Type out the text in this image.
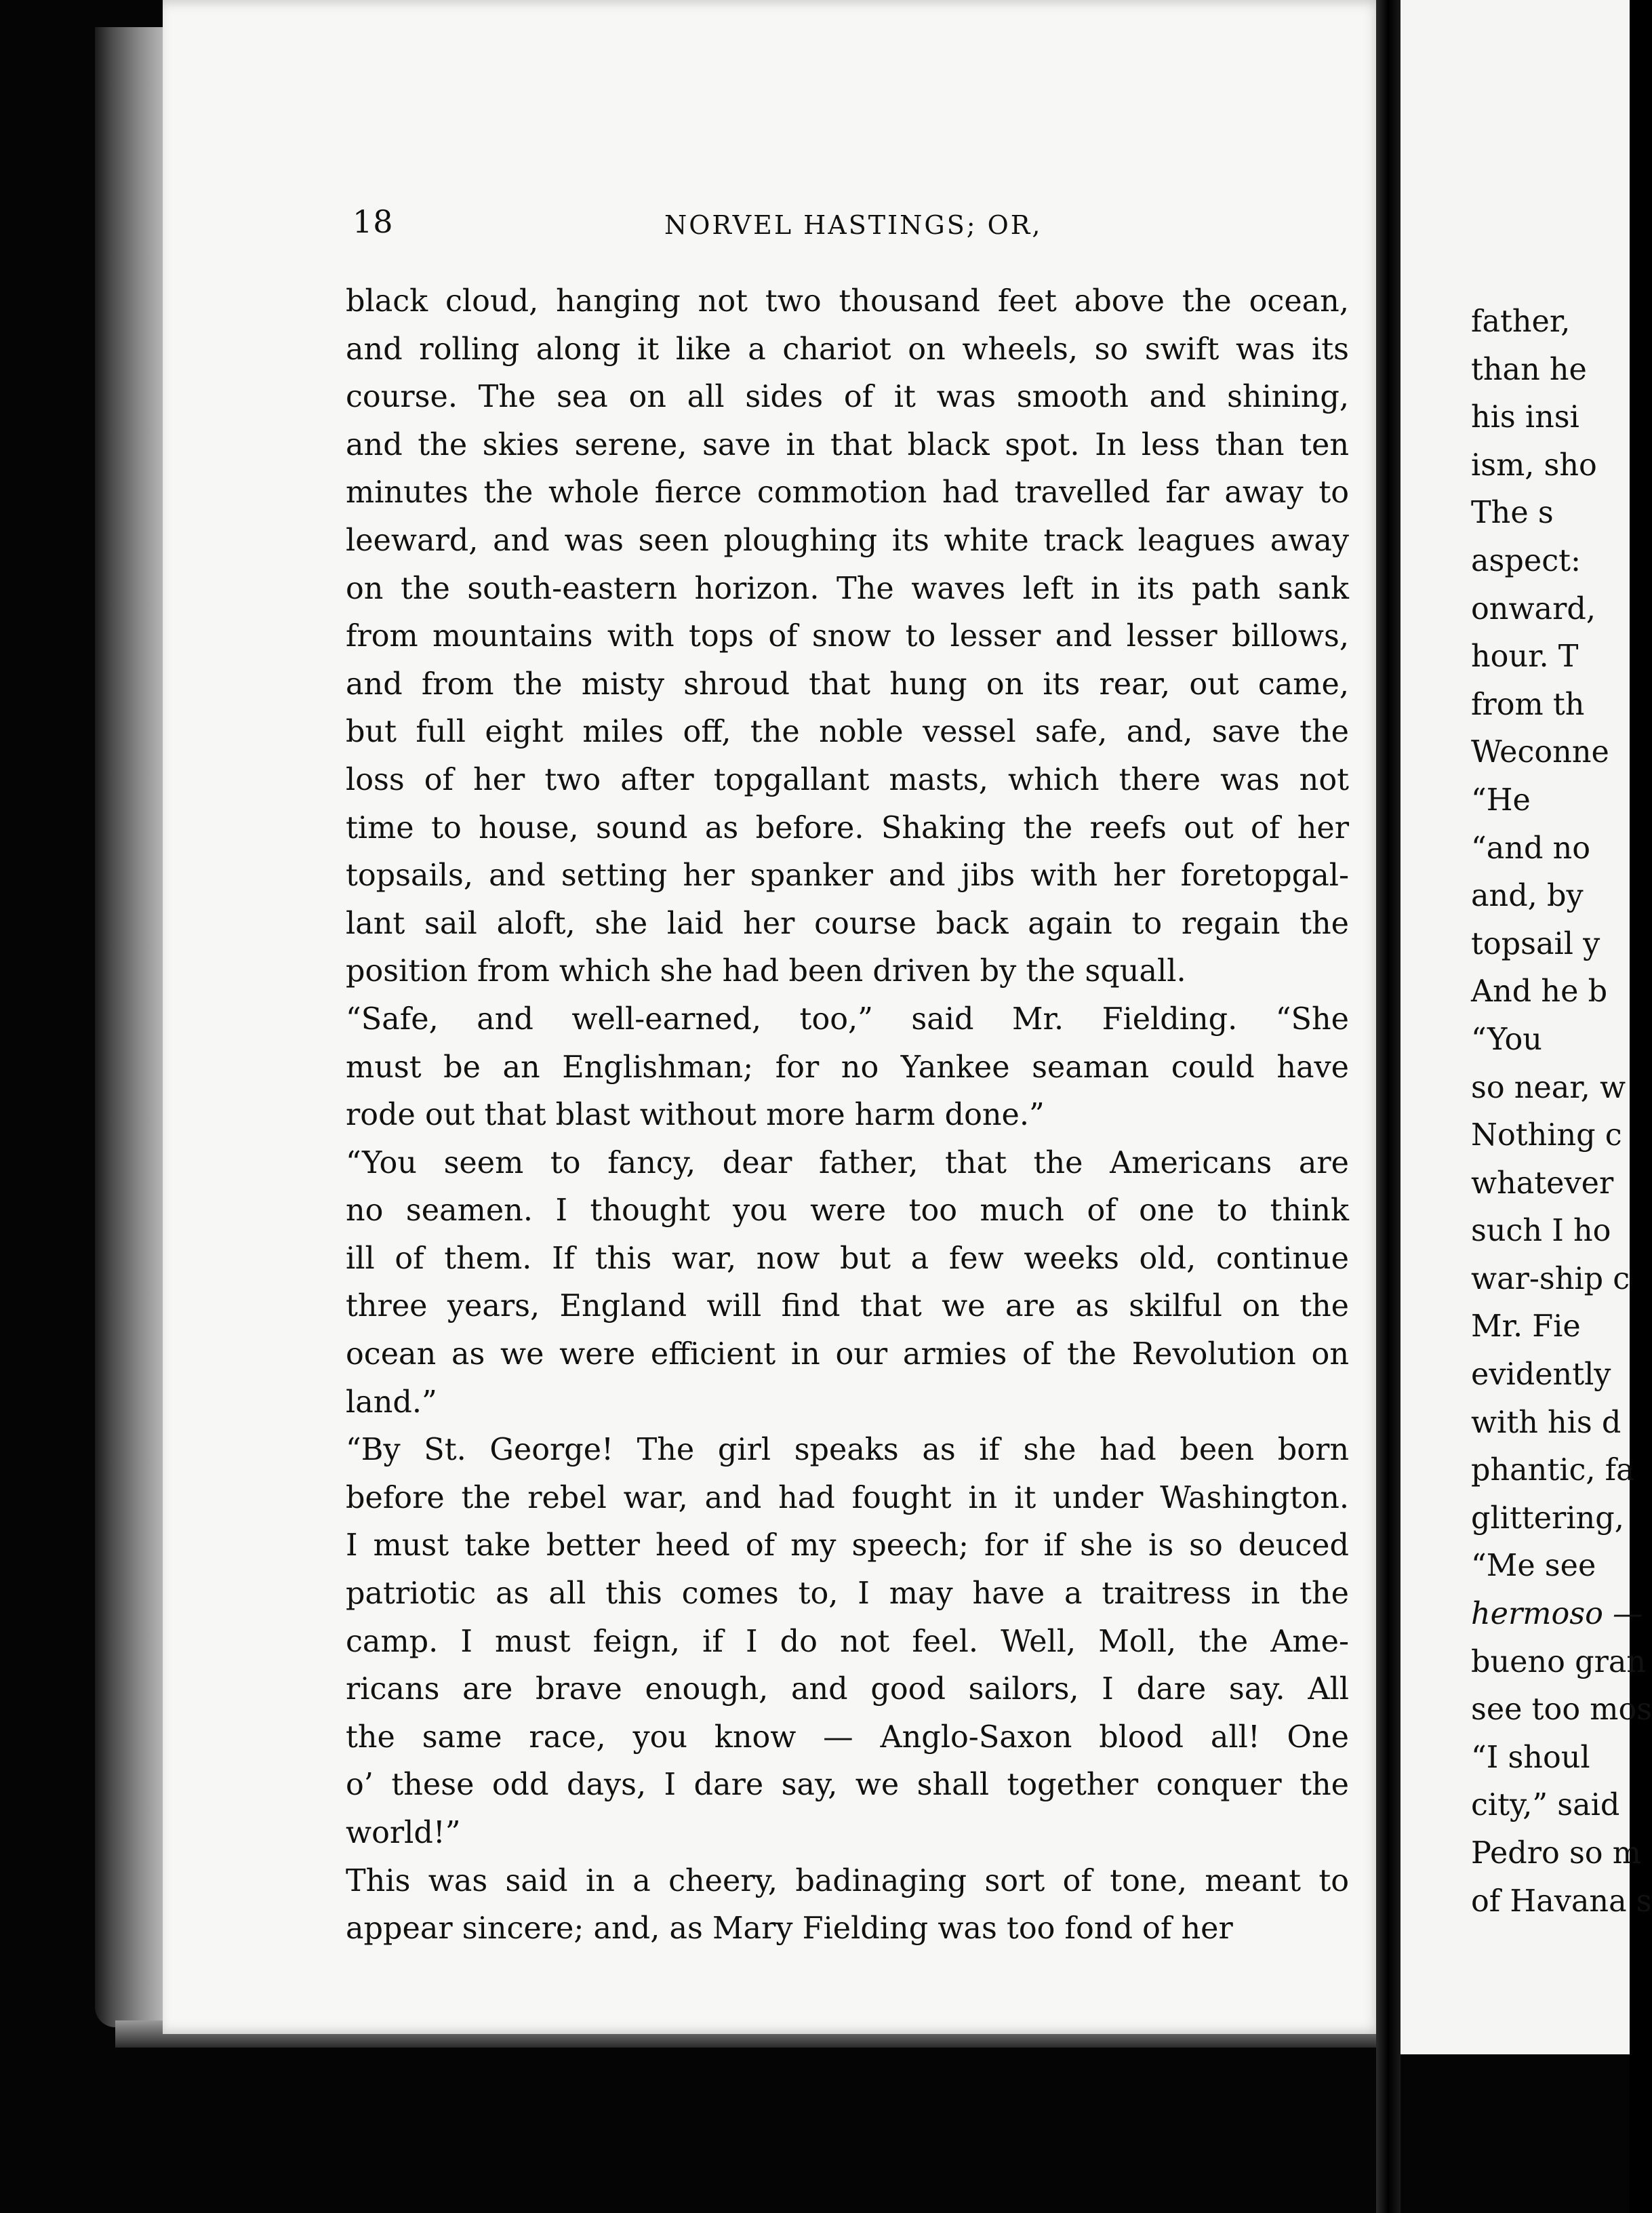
18	NORVEL HASTINGS; OR,
black cloud, hanging not two thousand feet above the ocean,
and rolling along it like a chariot on wheels, so swift was its
course. The sea on all sides of it was smooth and shining,
and the skies serene, save in that black spot. In less than ten
minutes the whole fierce commotion had travelled far away to
leeward, and was seen ploughing its white track leagues away
on the south-eastern horizon. The waves left in its path sank
from mountains with tops of snow to lesser and lesser billows,
and from the misty shroud that hung on its rear, out came,
but full eight miles off, the noble vessel safe, and, save the
loss of her two after topgallant masts, which there was not
time to house, sound as before. Shaking the reefs out of her
topsails, and setting her spanker and jibs with her foretopgal-
lant sail aloft, she laid her course back again to regain the
position from which she had been driven by the squall.
“Safe, and well-earned, too,” said Mr. Fielding. “She
must be an Englishman; for no Yankee seaman could have
rode out that blast without more harm done.”
“You seem to fancy, dear father, that the Americans are
no seamen. I thought you were too much of one to think
ill of them. If this war, now but a few weeks old, continue
three years, England will find that we are as skilful on the
ocean as we were efficient in our armies of the Revolution on
land.”
“By St. George! The girl speaks as if she had been born
before the rebel war, and had fought in it under Washington.
I must take better heed of my speech; for if she is so deuced
patriotic as all this comes to, I may have a traitress in the
camp. I must feign, if I do not feel. Well, Moll, the Ame-
ricans are brave enough, and good sailors, I dare say. All
the same race, you know — Anglo-Saxon blood all! One
o’ these odd days, I dare say, we shall together conquer the
world!”
This was said in a cheery, badinaging sort of tone, meant to
appear sincere; and, as Mary Fielding was too fond of her
father,
than he
his insi
ism, sho
The s
aspect:
onward,
hour. T
from th
Weconne
“He
“and no
and, by
topsail y
And he b
“You
so near, w
Nothing c
whatever
such I ho
war-ship c
Mr. Fie
evidently
with his d
phantic, fa
glittering,
“Me see
hermoso —
bueno gran
see too mos
“I shoul
city,” said
Pedro so m
of Havana s
